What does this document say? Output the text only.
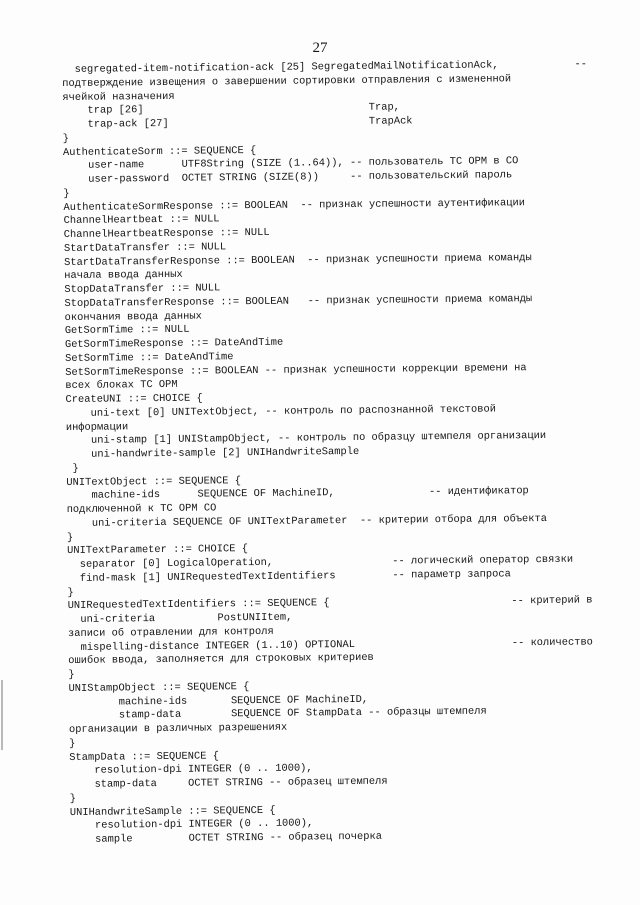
27
segregated-item-notification-ack [25] SegregatedMailNotificationAck,	--
подтверждение извещения о завершении сортировки отправления с измененной
ячейкой назначения
trap [26]	Trap,
trap-ack [27]	TrapAck
}
AuthenticateSorm ::= SEQUENCE {
user-name      UTF8String (SIZE (1..64)), -- пользователь ТС ОРМ в СО
user-password  OCTET STRING (SIZE(8))     -- пользовательский пароль
}
AuthenticateSormResponse ::= BOOLEAN  -- признак успешности аутентификации
ChannelHeartbeat ::= NULL
ChannelHeartbeatResponse ::= NULL
StartDataTransfer ::= NULL
StartDataTransferResponse ::= BOOLEAN  -- признак успешности приема команды
начала ввода данных
StopDataTransfer ::= NULL
StopDataTransferResponse ::= BOOLEAN   -- признак успешности приема команды
окончания ввода данных
GetSormTime ::= NULL
GetSormTimeResponse ::= DateAndTime
SetSormTime ::= DateAndTime
SetSormTimeResponse ::= BOOLEAN -- признак успешности коррекции времени на
всех блоках ТС ОРМ
CreateUNI ::= CHOICE {
uni-text [0] UNITextObject, -- контроль по распознанной текстовой
информации
uni-stamp [1] UNIStampObject, -- контроль по образцу штемпеля организации
uni-handwrite-sample [2] UNIHandwriteSample
}
UNITextObject ::= SEQUENCE {
machine-ids      SEQUENCE OF MachineID,	-- идентификатор
подключенной к ТС ОРМ СО
uni-criteria SEQUENCE OF UNITextParameter  -- критерии отбора для объекта
}
UNITextParameter ::= CHOICE {
separator [0] LogicalOperation,	-- логический оператор связки
find-mask [1] UNIRequestedTextIdentifiers	-- параметр запроса
}
UNIRequestedTextIdentifiers ::= SEQUENCE {	-- критерий в
uni-criteria          PostUNIItem,
записи об отравлении для контроля
mispelling-distance INTEGER (1..10) OPTIONAL	-- количество
ошибок ввода, заполняется для строковых критериев
}
UNIStampObject ::= SEQUENCE {
machine-ids       SEQUENCE OF MachineID,
stamp-data        SEQUENCE OF StampData -- образцы штемпеля
организации в различных разрешениях
}
StampData ::= SEQUENCE {
resolution-dpi INTEGER (0 .. 1000),
stamp-data     OCTET STRING -- образец штемпеля
}
UNIHandwriteSample ::= SEQUENCE {
resolution-dpi INTEGER (0 .. 1000),
sample         OCTET STRING -- образец почерка
